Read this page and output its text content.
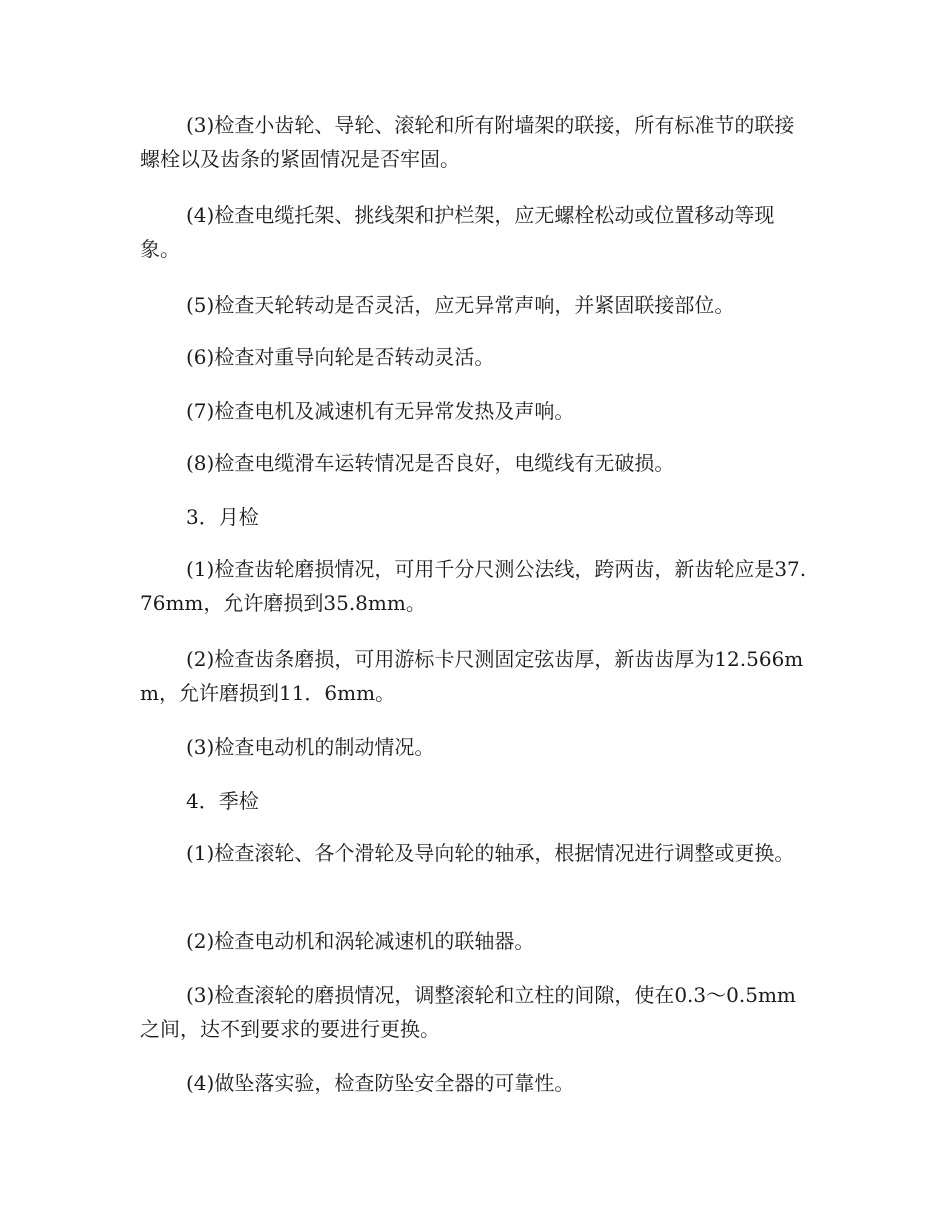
(3)检查小齿轮、导轮、滚轮和所有附墙架的联接，所有标准节的联接螺栓以及齿条的紧固情况是否牢固。

(4)检查电缆托架、挑线架和护栏架，应无螺栓松动或位置移动等现象。

(5)检查天轮转动是否灵活，应无异常声响，并紧固联接部位。

(6)检查对重导向轮是否转动灵活。

(7)检查电机及减速机有无异常发热及声响。

(8)检查电缆滑车运转情况是否良好，电缆线有无破损。

3．月检

(1)检查齿轮磨损情况，可用千分尺测公法线，跨两齿，新齿轮应是37.76mm，允许磨损到35.8mm。

(2)检查齿条磨损，可用游标卡尺测固定弦齿厚，新齿齿厚为12.566mm，允许磨损到11．6mm。

(3)检查电动机的制动情况。

4．季检

(1)检查滚轮、各个滑轮及导向轮的轴承，根据情况进行调整或更换。

(2)检查电动机和涡轮减速机的联轴器。

(3)检查滚轮的磨损情况，调整滚轮和立柱的间隙，使在0.3～0.5mm之间，达不到要求的要进行更换。

(4)做坠落实验，检查防坠安全器的可靠性。
